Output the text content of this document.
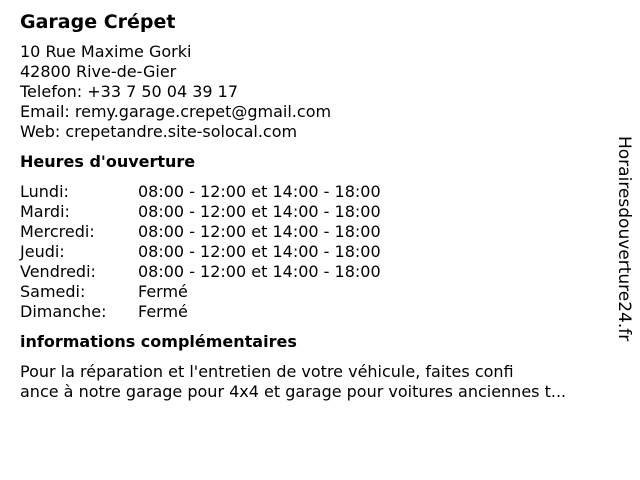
Garage Crépet
10 Rue Maxime Gorki
42800 Rive-de-Gier
Telefon: +33 7 50 04 39 17
Email: remy.garage.crepet@gmail.com
Web: crepetandre.site-solocal.com
Heures d'ouverture
Lundi:	08:00 - 12:00 et 14:00 - 18:00
Mardi:	08:00 - 12:00 et 14:00 - 18:00
Mercredi:	08:00 - 12:00 et 14:00 - 18:00
Jeudi:	08:00 - 12:00 et 14:00 - 18:00
Vendredi:	08:00 - 12:00 et 14:00 - 18:00
Samedi:	Fermé
Dimanche:	Fermé
informations complémentaires
Pour la réparation et l'entretien de votre véhicule, faites confi
ance à notre garage pour 4x4 et garage pour voitures anciennes t...
Horairesdouverture24.fr
